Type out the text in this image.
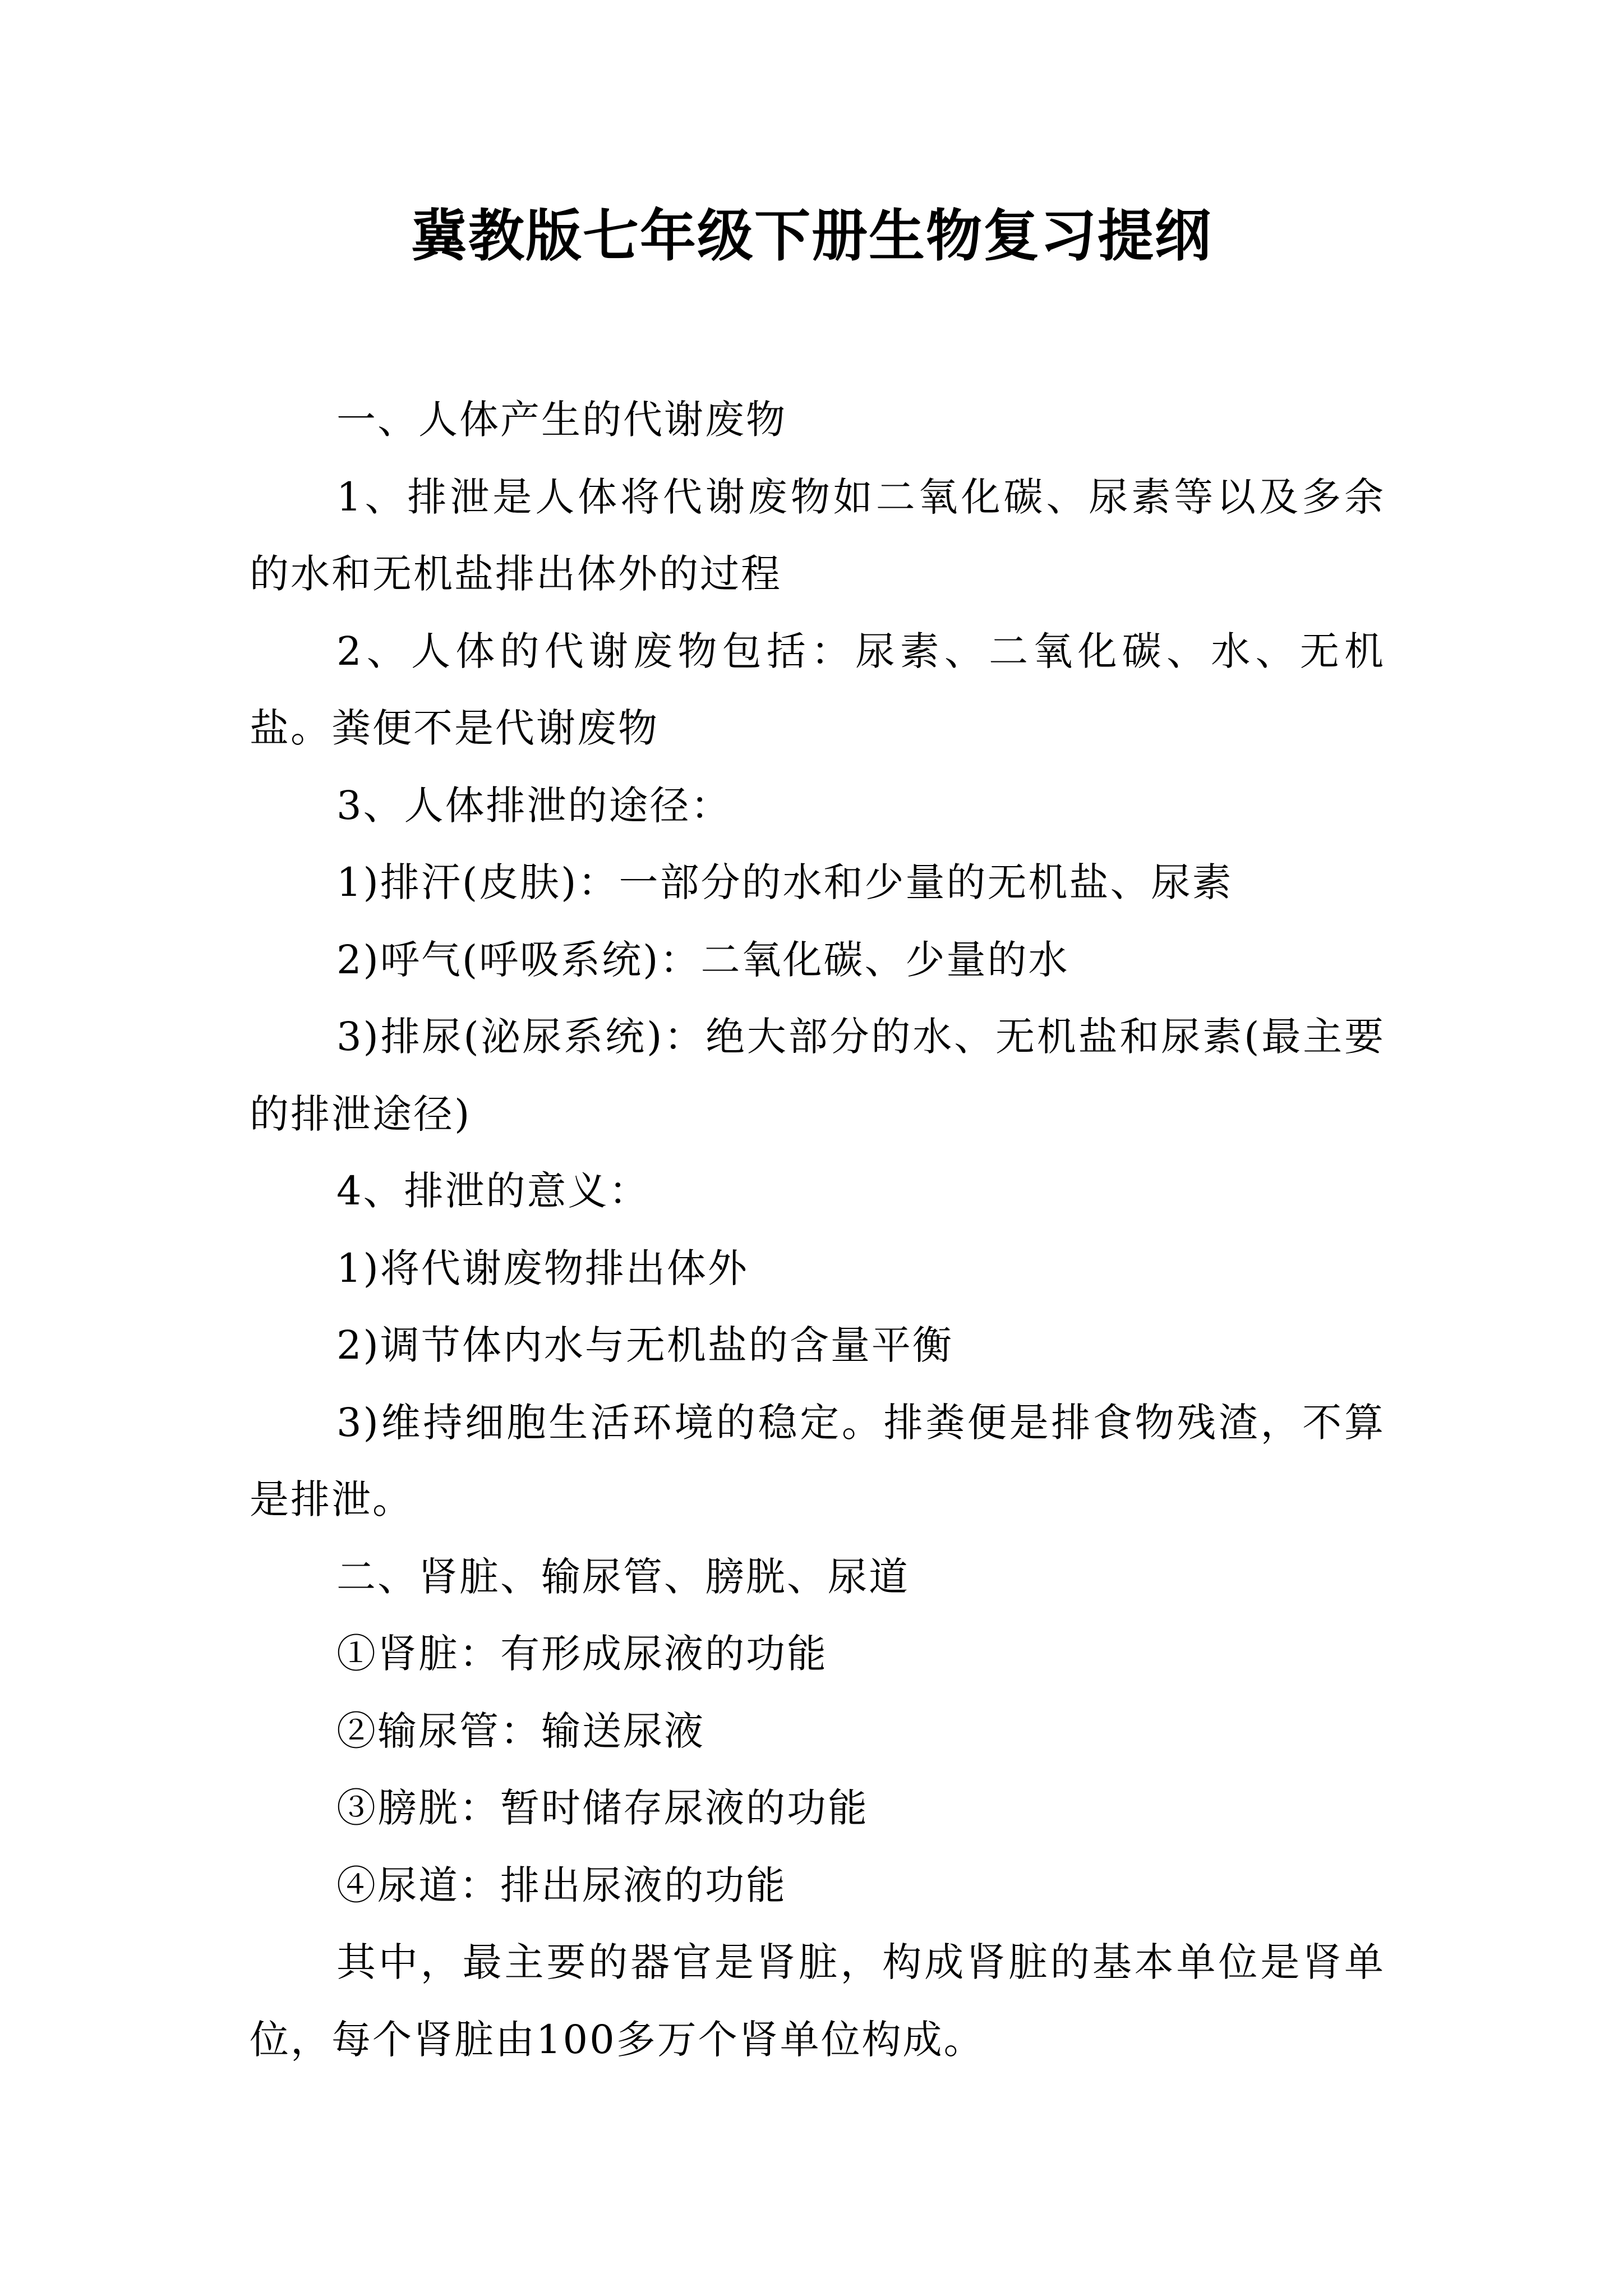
冀教版七年级下册生物复习提纲

一、人体产生的代谢废物

1、排泄是人体将代谢废物如二氧化碳、尿素等以及多余的水和无机盐排出体外的过程

2、人体的代谢废物包括：尿素、二氧化碳、水、无机盐。粪便不是代谢废物

3、人体排泄的途径：

1)排汗(皮肤)：一部分的水和少量的无机盐、尿素

2)呼气(呼吸系统)：二氧化碳、少量的水

3)排尿(泌尿系统)：绝大部分的水、无机盐和尿素(最主要的排泄途径)

4、排泄的意义：

1)将代谢废物排出体外

2)调节体内水与无机盐的含量平衡

3)维持细胞生活环境的稳定。排粪便是排食物残渣，不算是排泄。

二、肾脏、输尿管、膀胱、尿道

①肾脏：有形成尿液的功能

②输尿管：输送尿液

③膀胱：暂时储存尿液的功能

④尿道：排出尿液的功能

其中，最主要的器官是肾脏，构成肾脏的基本单位是肾单位，每个肾脏由100多万个肾单位构成。
